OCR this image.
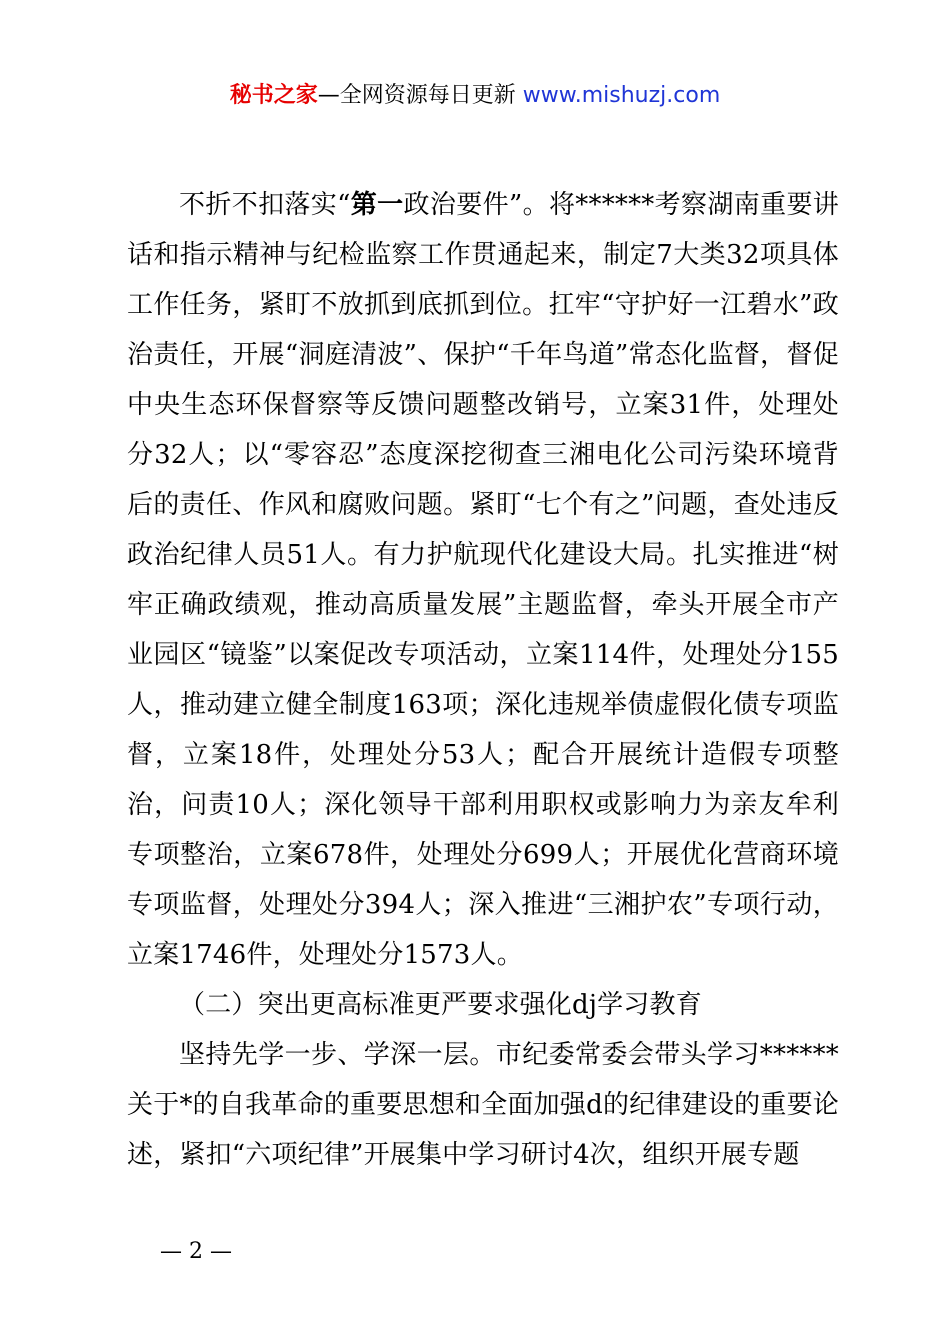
秘书之家—全网资源每日更新 www.mishuzj.com

不折不扣落实“第一政治要件”。将******考察湖南重要讲话和指示精神与纪检监察工作贯通起来，制定7大类32项具体工作任务，紧盯不放抓到底抓到位。扛牢“守护好一江碧水”政治责任，开展“洞庭清波”、保护“千年鸟道”常态化监督，督促中央生态环保督察等反馈问题整改销号，立案31件，处理处分32人；以“零容忍”态度深挖彻查三湘电化公司污染环境背后的责任、作风和腐败问题。紧盯“七个有之”问题，查处违反政治纪律人员51人。有力护航现代化建设大局。扎实推进“树牢正确政绩观，推动高质量发展”主题监督，牵头开展全市产业园区“镜鉴”以案促改专项活动，立案114件，处理处分155人，推动建立健全制度163项；深化违规举债虚假化债专项监督，立案18件，处理处分53人；配合开展统计造假专项整治，问责10人；深化领导干部利用职权或影响力为亲友牟利专项整治，立案678件，处理处分699人；开展优化营商环境专项监督，处理处分394人；深入推进“三湘护农”专项行动，立案1746件，处理处分1573人。

（二）突出更高标准更严要求强化dj学习教育

坚持先学一步、学深一层。市纪委常委会带头学习******关于*的自我革命的重要思想和全面加强d的纪律建设的重要论述，紧扣“六项纪律”开展集中学习研讨4次，组织开展专题

— 2 —
